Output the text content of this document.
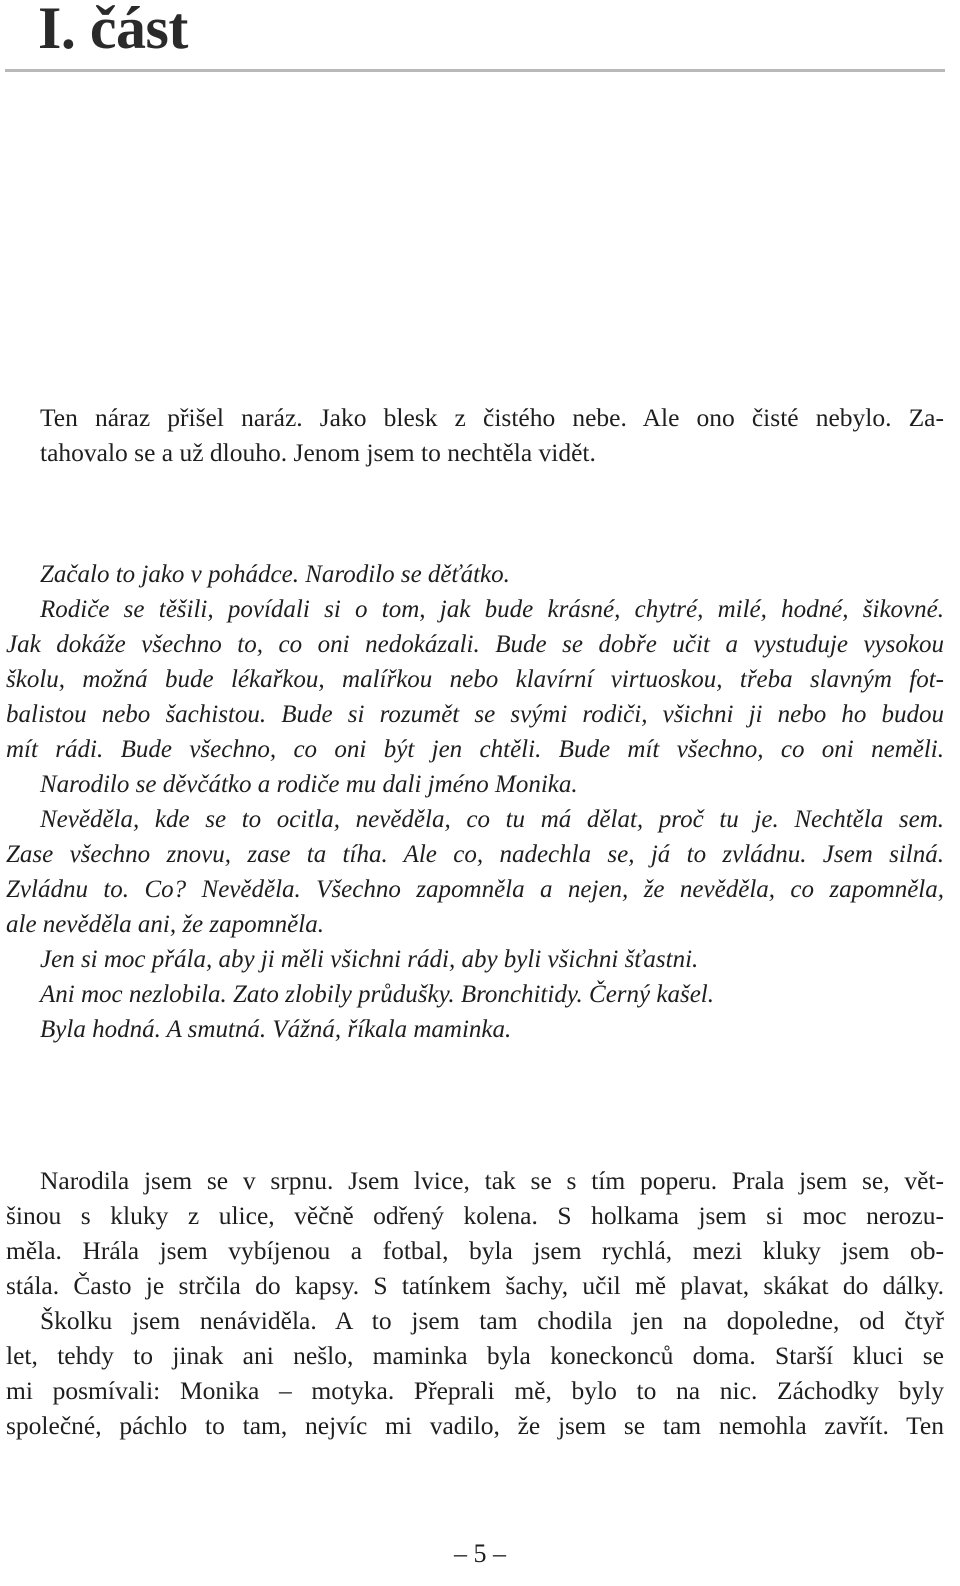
I. část
Ten náraz přišel naráz. Jako blesk z čistého nebe. Ale ono čisté nebylo. Za-
tahovalo se a už dlouho. Jenom jsem to nechtěla vidět.
Začalo to jako v pohádce. Narodilo se děťátko.
Rodiče se těšili, povídali si o tom, jak bude krásné, chytré, milé, hodné, šikovné.
Jak dokáže všechno to, co oni nedokázali. Bude se dobře učit a vystuduje vysokou
školu, možná bude lékařkou, malířkou nebo klavírní virtuoskou, třeba slavným fot-
balistou nebo šachistou. Bude si rozumět se svými rodiči, všichni ji nebo ho budou
mít rádi. Bude všechno, co oni být jen chtěli. Bude mít všechno, co oni neměli.
Narodilo se děvčátko a rodiče mu dali jméno Monika.
Nevěděla, kde se to ocitla, nevěděla, co tu má dělat, proč tu je. Nechtěla sem.
Zase všechno znovu, zase ta tíha. Ale co, nadechla se, já to zvládnu. Jsem silná.
Zvládnu to. Co? Nevěděla. Všechno zapomněla a nejen, že nevěděla, co zapomněla,
ale nevěděla ani, že zapomněla.
Jen si moc přála, aby ji měli všichni rádi, aby byli všichni šťastni.
Ani moc nezlobila. Zato zlobily průdušky. Bronchitidy. Černý kašel.
Byla hodná. A smutná. Vážná, říkala maminka.
Narodila jsem se v srpnu. Jsem lvice, tak se s tím poperu. Prala jsem se, vět-
šinou s kluky z ulice, věčně odřený kolena. S holkama jsem si moc nerozu-
měla. Hrála jsem vybíjenou a fotbal, byla jsem rychlá, mezi kluky jsem ob-
stála. Často je strčila do kapsy. S tatínkem šachy, učil mě plavat, skákat do dálky.
Školku jsem nenáviděla. A to jsem tam chodila jen na dopoledne, od čtyř
let, tehdy to jinak ani nešlo, maminka byla koneckonců doma. Starší kluci se
mi posmívali: Monika – motyka. Přeprali mě, bylo to na nic. Záchodky byly
společné, páchlo to tam, nejvíc mi vadilo, že jsem se tam nemohla zavřít. Ten

– 5 –
